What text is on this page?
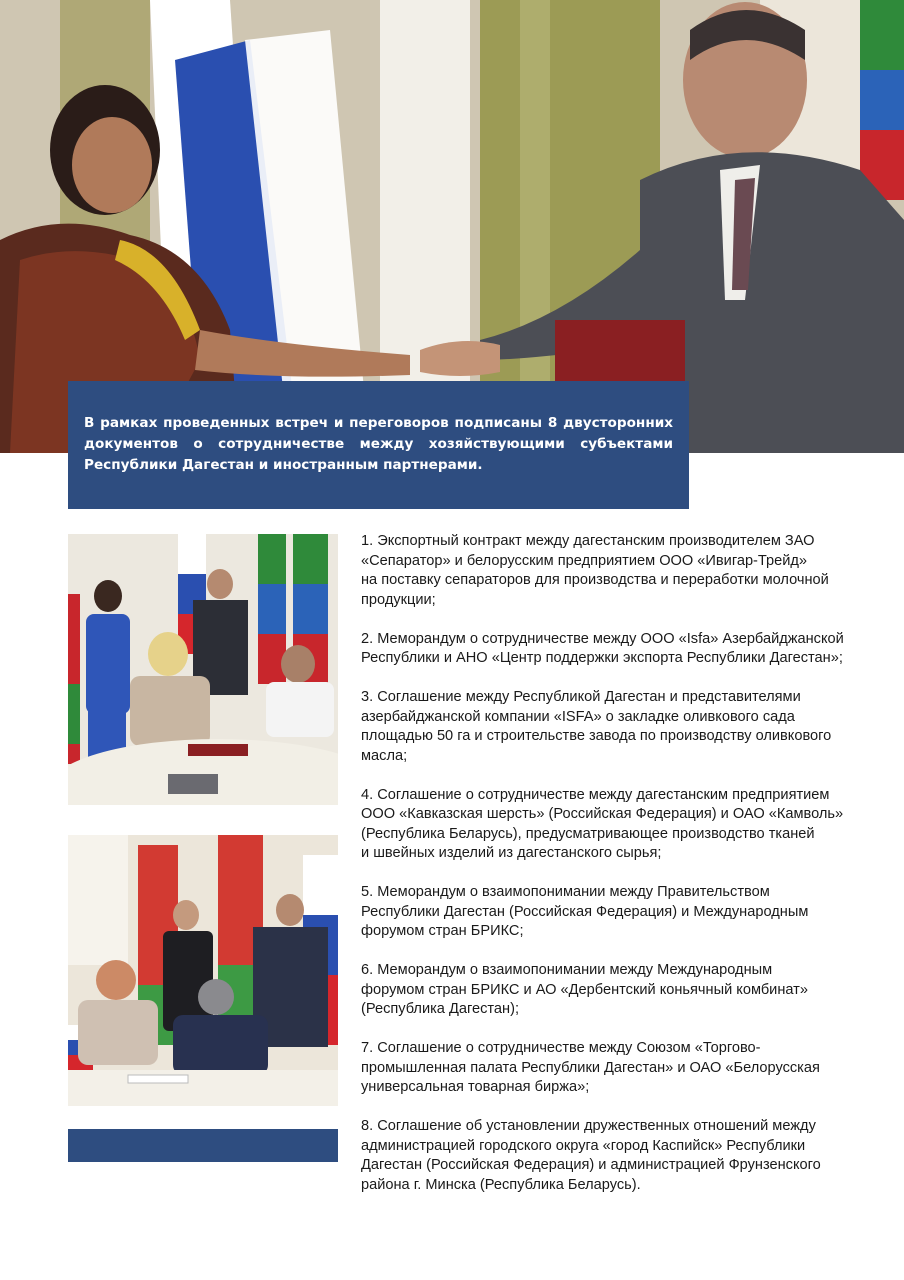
В рамках проведенных встреч и переговоров подписаны 8 двусторонних документов о сотрудничестве между хозяйствующими субъектами Республики Дагестан и иностранным партнерами.

1. Экспортный контракт между дагестанским производителем ЗАО
«Сепаратор» и белорусским предприятием ООО «Ивигар-Трейд»
на поставку сепараторов для производства и переработки молочной
продукции;

2. Меморандум о сотрудничестве между ООО «Isfa» Азербайджанской
Республики и АНО «Центр поддержки экспорта Республики Дагестан»;

3. Соглашение между Республикой Дагестан и представителями
азербайджанской компании «ISFA» о закладке оливкового сада
площадью 50 га и строительстве завода по производству оливкового
масла;

4. Соглашение о сотрудничестве между дагестанским предприятием
ООО «Кавказская шерсть» (Российская Федерация) и ОАО «Камволь»
(Республика Беларусь), предусматривающее производство тканей
и швейных изделий из дагестанского сырья;

5. Меморандум о взаимопонимании между Правительством
Республики Дагестан (Российская Федерация) и Международным
форумом стран БРИКС;

6. Меморандум о взаимопонимании между Международным
форумом стран БРИКС и АО «Дербентский коньячный комбинат»
(Республика Дагестан);

7. Соглашение о сотрудничестве между Союзом «Торгово-
промышленная палата Республики Дагестан» и ОАО «Белорусская
универсальная товарная биржа»;

8. Соглашение об установлении дружественных отношений между
администрацией городского округа «город Каспийск» Республики
Дагестан (Российская Федерация) и администрацией Фрунзенского
района г. Минска (Республика Беларусь).
